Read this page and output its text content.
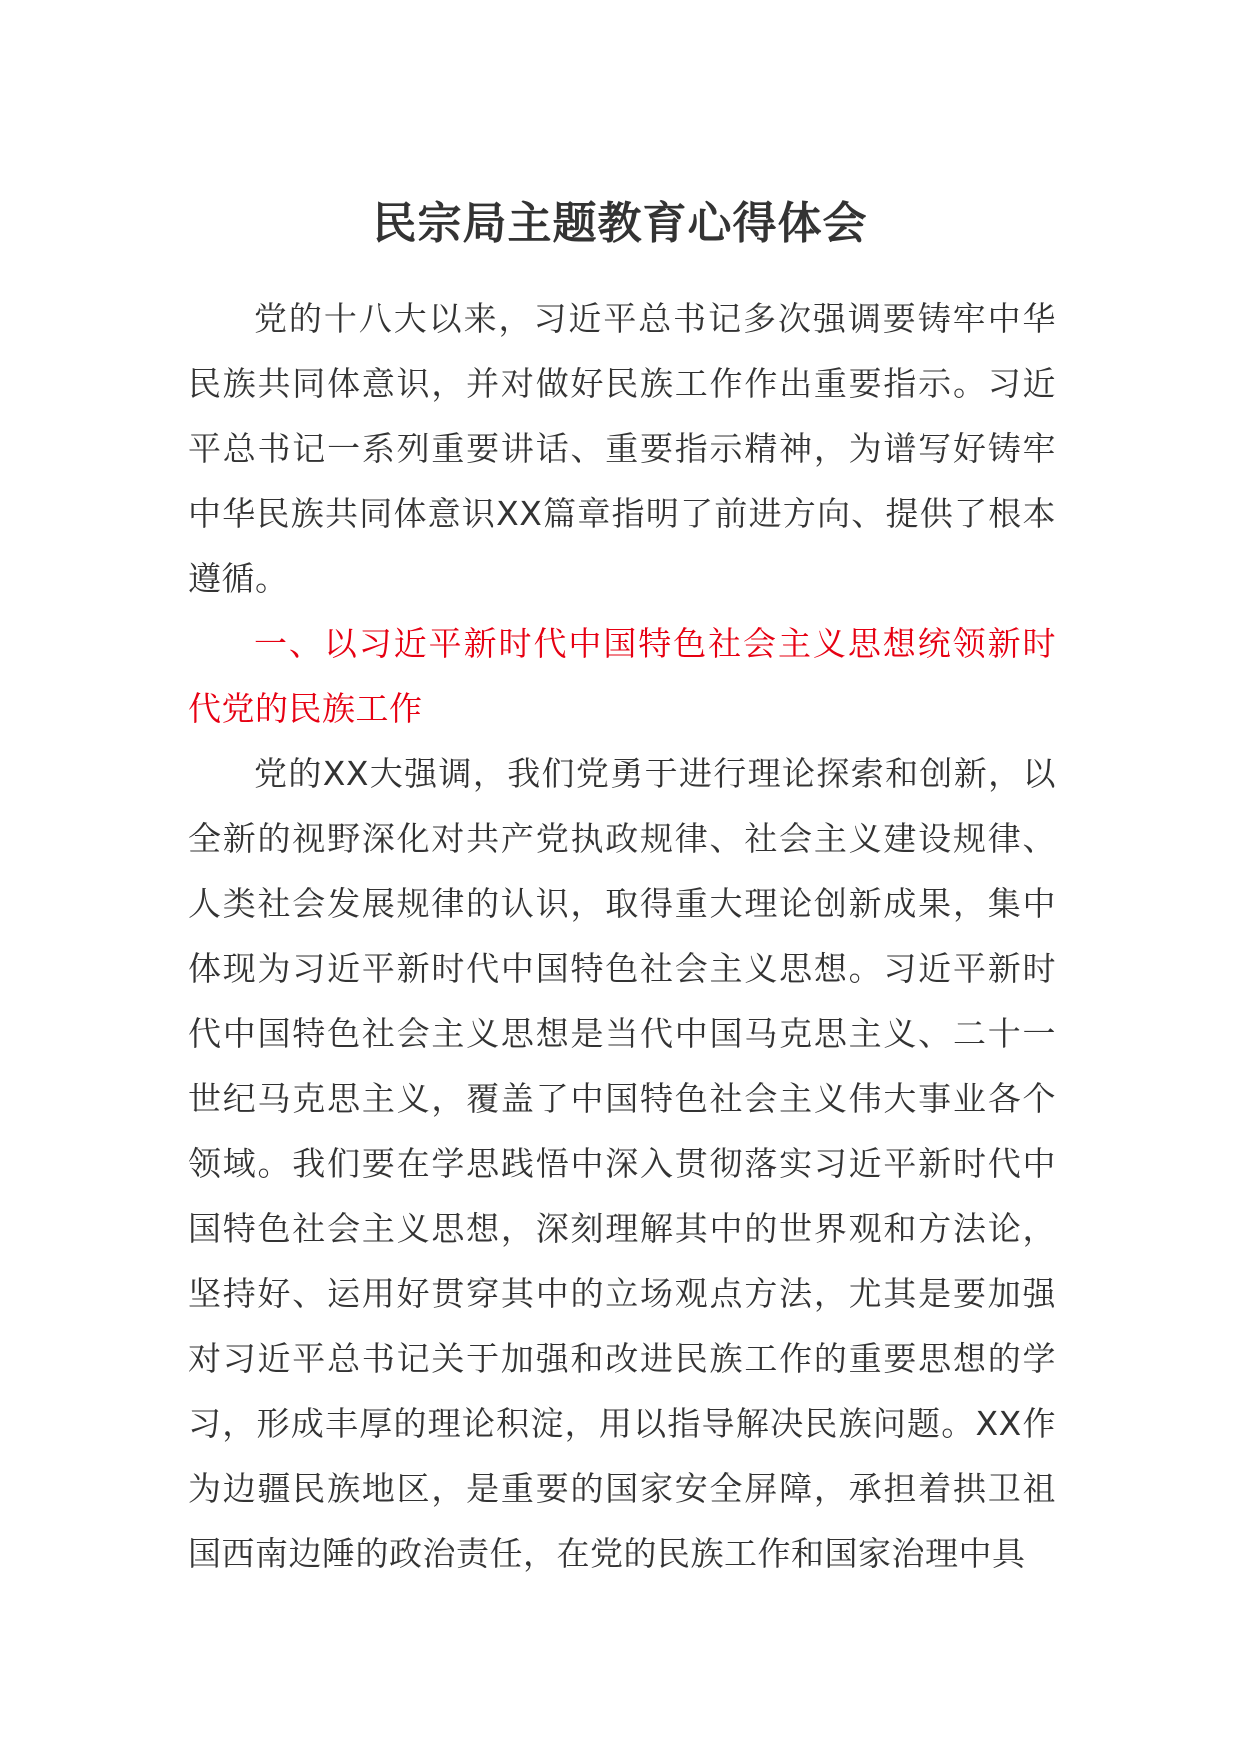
民宗局主题教育心得体会

党的十八大以来，习近平总书记多次强调要铸牢中华民族共同体意识，并对做好民族工作作出重要指示。习近平总书记一系列重要讲话、重要指示精神，为谱写好铸牢中华民族共同体意识XX篇章指明了前进方向、提供了根本遵循。

一、以习近平新时代中国特色社会主义思想统领新时代党的民族工作

党的XX大强调，我们党勇于进行理论探索和创新，以全新的视野深化对共产党执政规律、社会主义建设规律、人类社会发展规律的认识，取得重大理论创新成果，集中体现为习近平新时代中国特色社会主义思想。习近平新时代中国特色社会主义思想是当代中国马克思主义、二十一世纪马克思主义，覆盖了中国特色社会主义伟大事业各个领域。我们要在学思践悟中深入贯彻落实习近平新时代中国特色社会主义思想，深刻理解其中的世界观和方法论，坚持好、运用好贯穿其中的立场观点方法，尤其是要加强对习近平总书记关于加强和改进民族工作的重要思想的学习，形成丰厚的理论积淀，用以指导解决民族问题。XX作为边疆民族地区，是重要的国家安全屏障，承担着拱卫祖国西南边陲的政治责任，在党的民族工作和国家治理中具
